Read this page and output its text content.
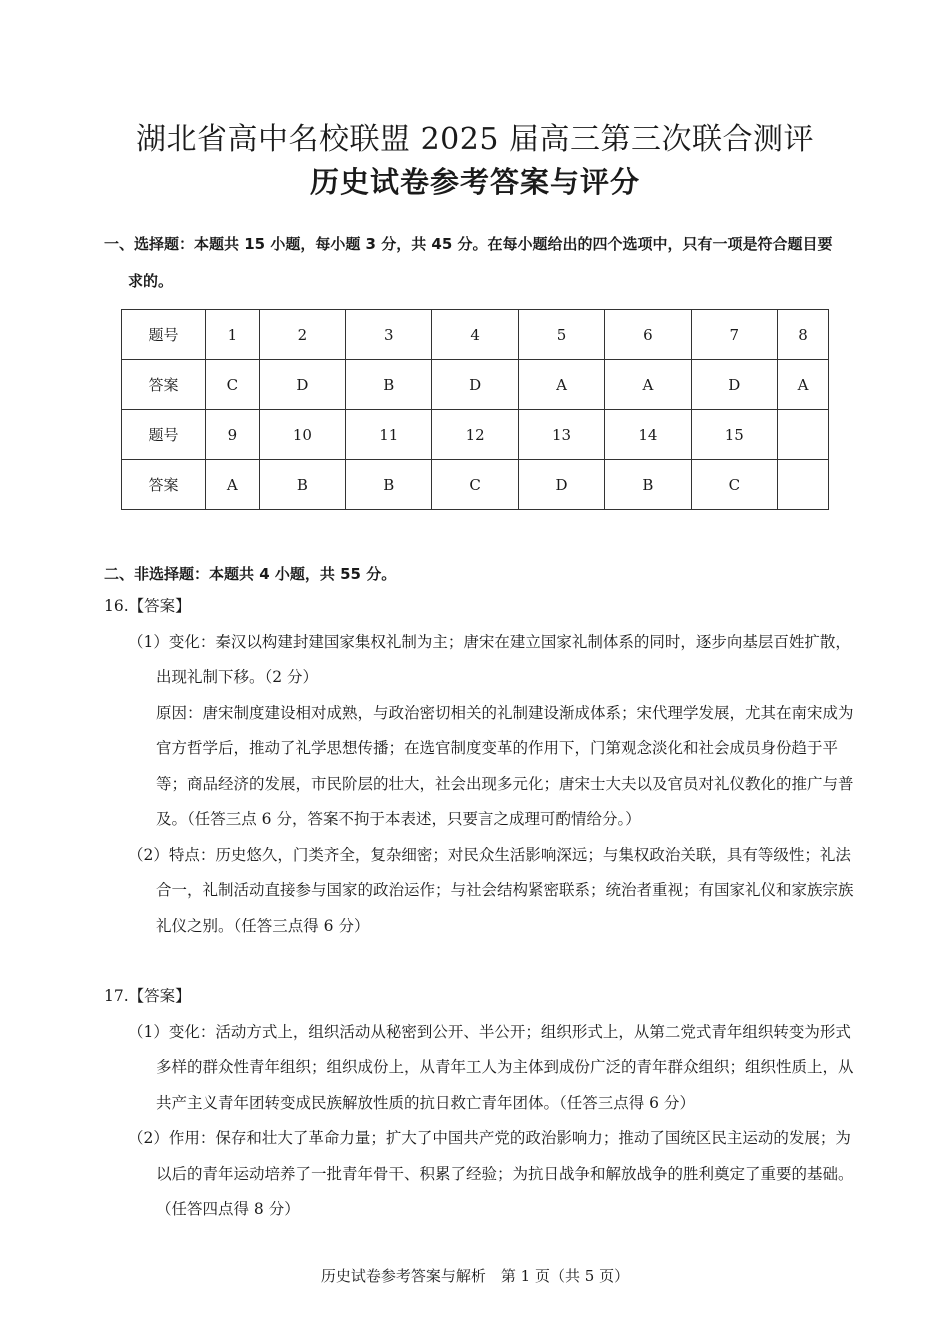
湖北省高中名校联盟 2025 届高三第三次联合测评
历史试卷参考答案与评分
一、选择题：本题共 15 小题，每小题 3 分，共 45 分。在每小题给出的四个选项中，只有一项是符合题目要
求的。
题号	1	2	3	4	5	6	7	8
答案	C	D	B	D	A	A	D	A
题号	9	10	11	12	13	14	15	
答案	A	B	B	C	D	B	C	
二、非选择题：本题共 4 小题，共 55 分。
16.【答案】
（1）变化：秦汉以构建封建国家集权礼制为主；唐宋在建立国家礼制体系的同时，逐步向基层百姓扩散，出现礼制下移。（2 分）
原因：唐宋制度建设相对成熟，与政治密切相关的礼制建设渐成体系；宋代理学发展，尤其在南宋成为官方哲学后，推动了礼学思想传播；在选官制度变革的作用下，门第观念淡化和社会成员身份趋于平等；商品经济的发展，市民阶层的壮大，社会出现多元化；唐宋士大夫以及官员对礼仪教化的推广与普及。（任答三点 6 分，答案不拘于本表述，只要言之成理可酌情给分。）
（2）特点：历史悠久，门类齐全，复杂细密；对民众生活影响深远；与集权政治关联，具有等级性；礼法合一，礼制活动直接参与国家的政治运作；与社会结构紧密联系；统治者重视；有国家礼仪和家族宗族礼仪之别。（任答三点得 6 分）
17.【答案】
（1）变化：活动方式上，组织活动从秘密到公开、半公开；组织形式上，从第二党式青年组织转变为形式多样的群众性青年组织；组织成份上，从青年工人为主体到成份广泛的青年群众组织；组织性质上，从共产主义青年团转变成民族解放性质的抗日救亡青年团体。（任答三点得 6 分）
（2）作用：保存和壮大了革命力量；扩大了中国共产党的政治影响力；推动了国统区民主运动的发展；为以后的青年运动培养了一批青年骨干、积累了经验；为抗日战争和解放战争的胜利奠定了重要的基础。（任答四点得 8 分）
历史试卷参考答案与解析　第 1 页（共 5 页）
